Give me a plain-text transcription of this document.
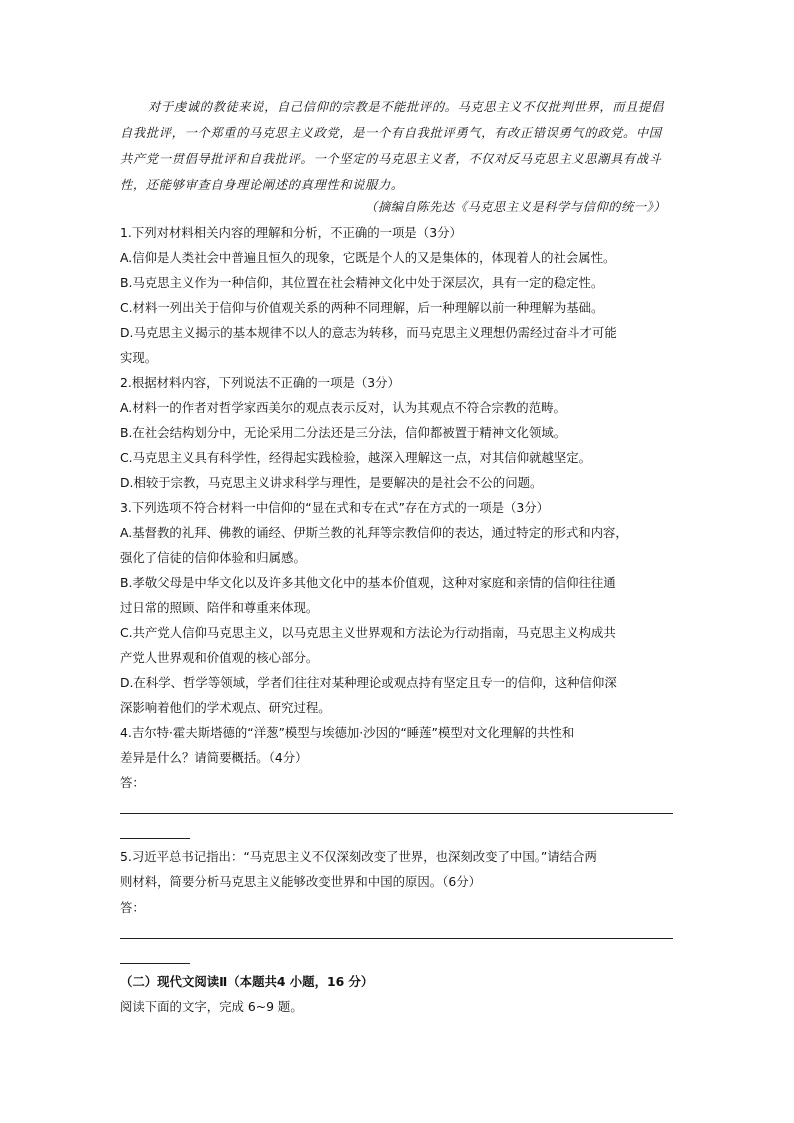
对于虔诚的教徒来说，自己信仰的宗教是不能批评的。马克思主义不仅批判世界，而且提倡自我批评，一个郑重的马克思主义政党，是一个有自我批评勇气，有改正错误勇气的政党。中国共产党一贯倡导批评和自我批评。一个坚定的马克思主义者，不仅对反马克思主义思潮具有战斗性，还能够审查自身理论阐述的真理性和说服力。

（摘编自陈先达《马克思主义是科学与信仰的统一》）
1.下列对材料相关内容的理解和分析，不正确的一项是（3分）
A.信仰是人类社会中普遍且恒久的现象，它既是个人的又是集体的，体现着人的社会属性。
B.马克思主义作为一种信仰，其位置在社会精神文化中处于深层次，具有一定的稳定性。
C.材料一列出关于信仰与价值观关系的两种不同理解，后一种理解以前一种理解为基础。
D.马克思主义揭示的基本规律不以人的意志为转移，而马克思主义理想仍需经过奋斗才可能
实现。
2.根据材料内容，下列说法不正确的一项是（3分）
A.材料一的作者对哲学家西美尔的观点表示反对，认为其观点不符合宗教的范畴。
B.在社会结构划分中，无论采用二分法还是三分法，信仰都被置于精神文化领域。
C.马克思主义具有科学性，经得起实践检验，越深入理解这一点，对其信仰就越坚定。
D.相较于宗教，马克思主义讲求科学与理性，是要解决的是社会不公的问题。
3.下列选项不符合材料一中信仰的“显在式和专在式”存在方式的一项是（3分）
A.基督教的礼拜、佛教的诵经、伊斯兰教的礼拜等宗教信仰的表达，通过特定的形式和内容，
强化了信徒的信仰体验和归属感。
B.孝敬父母是中华文化以及许多其他文化中的基本价值观，这种对家庭和亲情的信仰往往通
过日常的照顾、陪伴和尊重来体现。
C.共产党人信仰马克思主义，以马克思主义世界观和方法论为行动指南，马克思主义构成共
产党人世界观和价值观的核心部分。
D.在科学、哲学等领域，学者们往往对某种理论或观点持有坚定且专一的信仰，这种信仰深
深影响着他们的学术观点、研究过程。
4.吉尔特·霍夫斯塔德的“洋葱”模型与埃德加·沙因的“睡莲”模型对文化理解的共性和
差异是什么？请简要概括。（4分）
答：
5.习近平总书记指出：“马克思主义不仅深刻改变了世界，也深刻改变了中国。”请结合两
则材料，简要分析马克思主义能够改变世界和中国的原因。（6分）
答：
（二）现代文阅读Ⅱ（本题共4 小题，16 分）
阅读下面的文字，完成 6~9 题。
